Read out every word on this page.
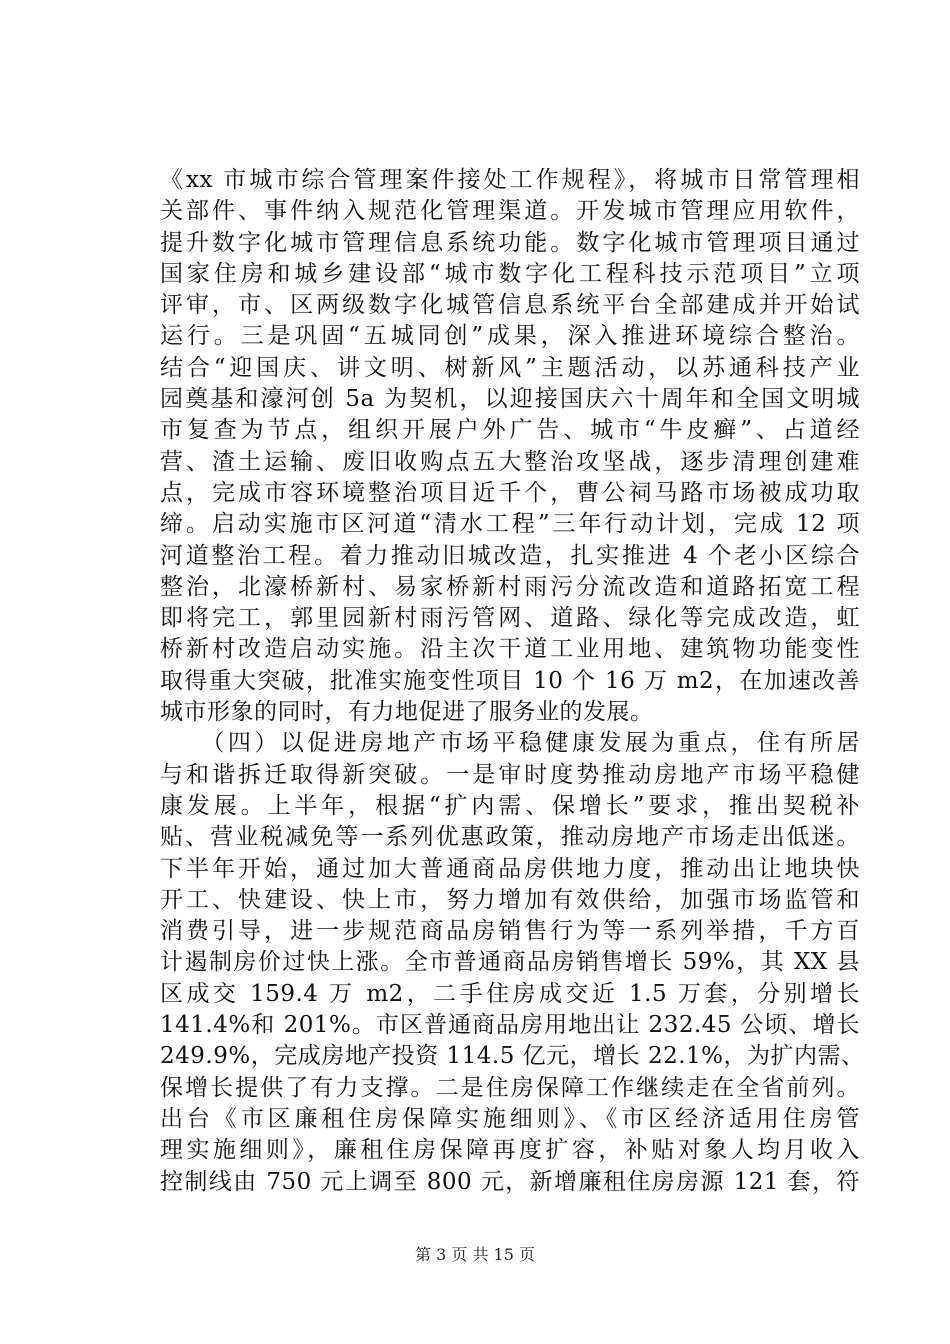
《xx 市城市综合管理案件接处工作规程》，将城市日常管理相
关部件、事件纳入规范化管理渠道。开发城市管理应用软件，
提升数字化城市管理信息系统功能。数字化城市管理项目通过
国家住房和城乡建设部“城市数字化工程科技示范项目”立项
评审，市、区两级数字化城管信息系统平台全部建成并开始试
运行。三是巩固“五城同创”成果，深入推进环境综合整治。
结合“迎国庆、讲文明、树新风”主题活动，以苏通科技产业
园奠基和濠河创 5a 为契机，以迎接国庆六十周年和全国文明城
市复查为节点，组织开展户外广告、城市“牛皮癣”、占道经
营、渣土运输、废旧收购点五大整治攻坚战，逐步清理创建难
点，完成市容环境整治项目近千个，曹公祠马路市场被成功取
缔。启动实施市区河道“清水工程”三年行动计划，完成 12 项
河道整治工程。着力推动旧城改造，扎实推进 4 个老小区综合
整治，北濠桥新村、易家桥新村雨污分流改造和道路拓宽工程
即将完工，郭里园新村雨污管网、道路、绿化等完成改造，虹
桥新村改造启动实施。沿主次干道工业用地、建筑物功能变性
取得重大突破，批准实施变性项目 10 个 16 万 m2，在加速改善
城市形象的同时，有力地促进了服务业的发展。
　　（四）以促进房地产市场平稳健康发展为重点，住有所居
与和谐拆迁取得新突破。一是审时度势推动房地产市场平稳健
康发展。上半年，根据“扩内需、保增长”要求，推出契税补
贴、营业税减免等一系列优惠政策，推动房地产市场走出低迷。
下半年开始，通过加大普通商品房供地力度，推动出让地块快
开工、快建设、快上市，努力增加有效供给，加强市场监管和
消费引导，进一步规范商品房销售行为等一系列举措，千方百
计遏制房价过快上涨。全市普通商品房销售增长 59%，其 XX 县
区成交 159.4 万 m2，二手住房成交近 1.5 万套，分别增长
141.4%和 201%。市区普通商品房用地出让 232.45 公顷、增长
249.9%，完成房地产投资 114.5 亿元，增长 22.1%，为扩内需、
保增长提供了有力支撑。二是住房保障工作继续走在全省前列。
出台《市区廉租住房保障实施细则》、《市区经济适用住房管
理实施细则》，廉租住房保障再度扩容，补贴对象人均月收入
控制线由 750 元上调至 800 元，新增廉租住房房源 121 套，符
第 3 页 共 15 页
